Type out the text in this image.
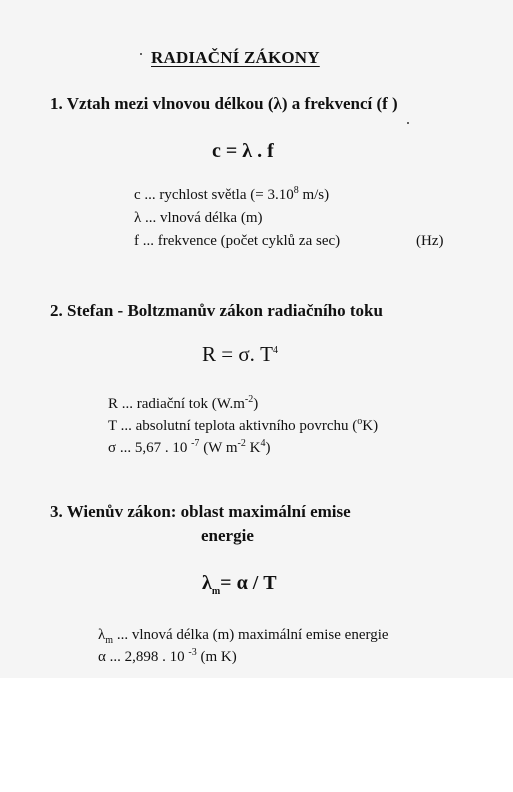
RADIAČNÍ ZÁKONY
1. Vztah mezi vlnovou délkou (λ) a frekvencí (f )
c = λ . f
c ... rychlost světla (= $3.10^8$ m/s)
λ ... vlnová délka (m)
f ... frekvence (počet cyklů za sec)	(Hz)
2. Stefan - Boltzmanův zákon radiačního toku
R = σ. $T^4$
R ... radiační tok $(W.m^{-2})$
T ... absolutní teplota aktivního povrchu ($^o$K)
σ ... 5,67 . 10 $^{-7}$ (W $m^{-2}$ $K^4$)
3. Wienův zákon: oblast maximální emise
energie
$\lambda_m= \alpha / T$
$\lambda_m$ ... vlnová délka (m) maximální emise energie
α ... 2,898 . 10 $^{-3}$ (m K)
